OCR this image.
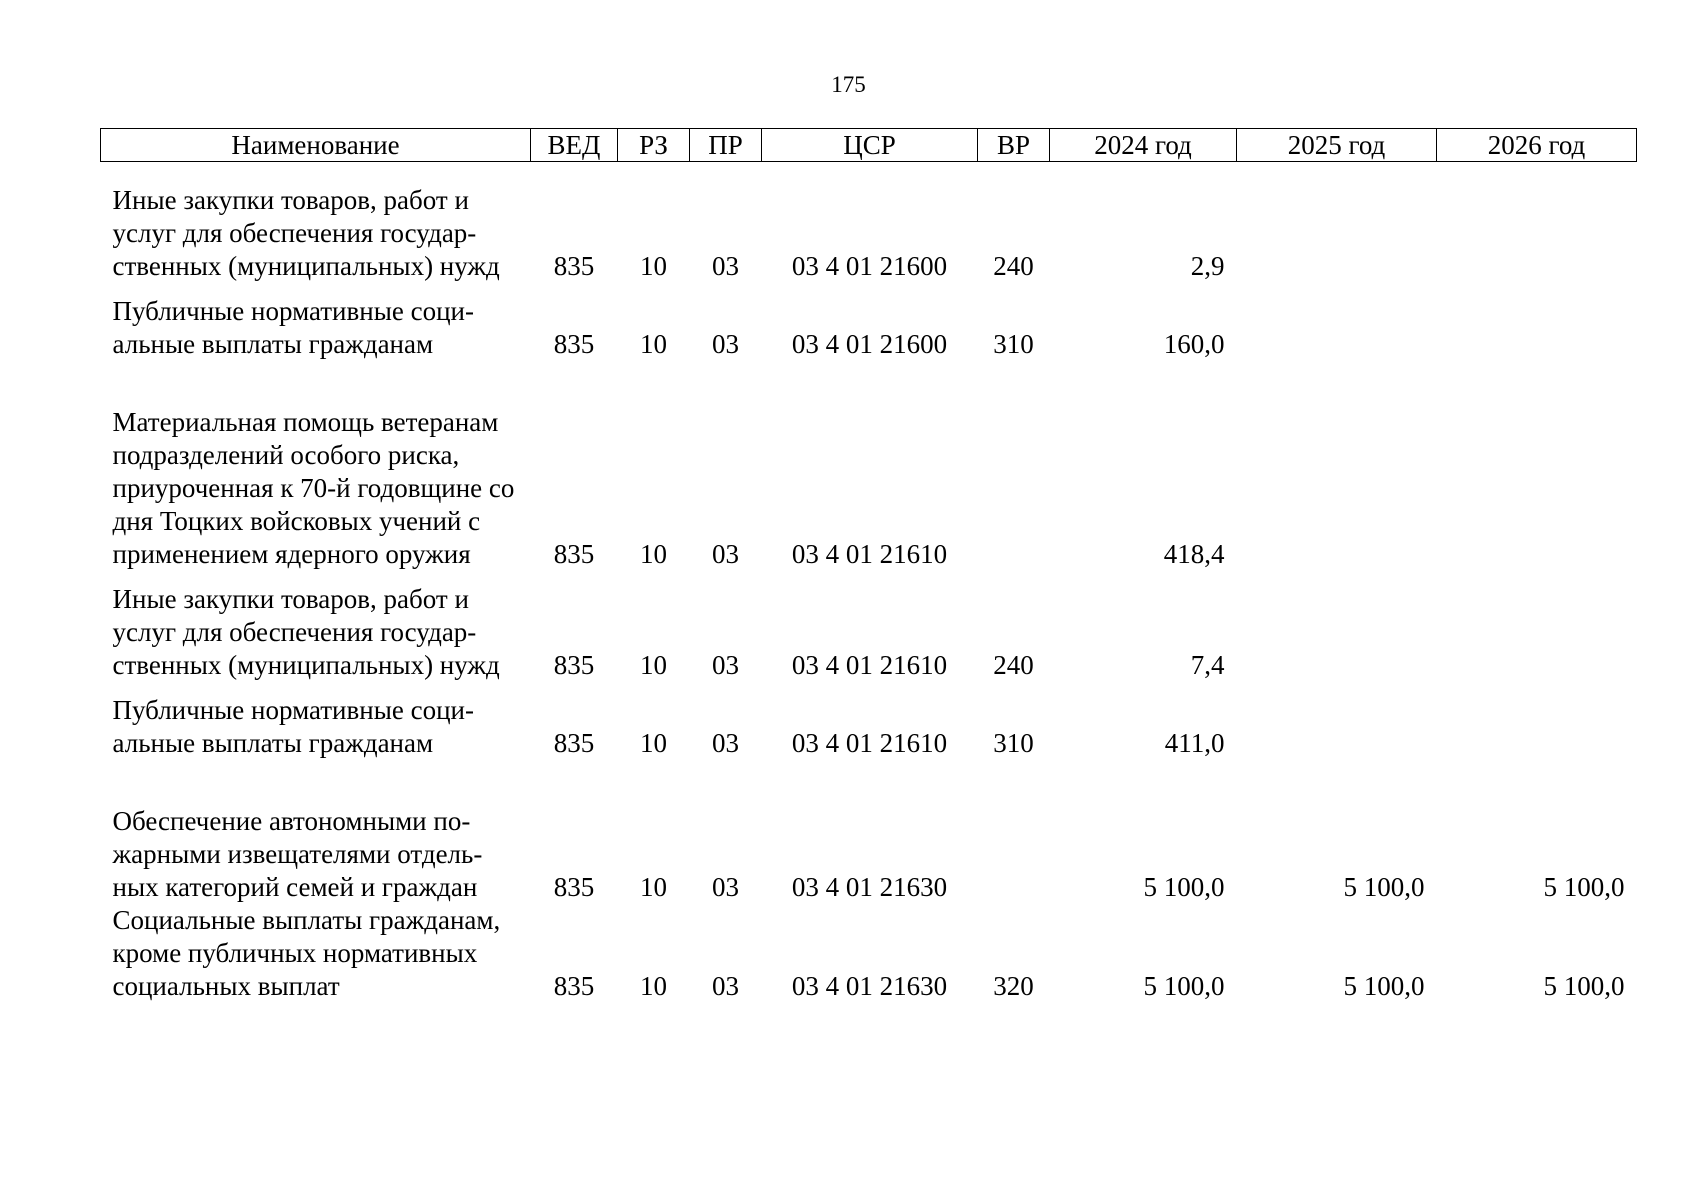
175
Наименование	ВЕД	РЗ	ПР	ЦСР	ВР	2024 год	2025 год	2026 год
Иные закупки товаров, работ и услуг для обеспечения государ-ственных (муниципальных) нужд	835	10	03	03 4 01 21600	240	2,9		
Публичные нормативные соци-альные выплаты гражданам	835	10	03	03 4 01 21600	310	160,0		
Материальная помощь ветеранам подразделений особого риска, приуроченная к 70-й годовщине со дня Тоцких войсковых учений с применением ядерного оружия	835	10	03	03 4 01 21610		418,4		
Иные закупки товаров, работ и услуг для обеспечения государ-ственных (муниципальных) нужд	835	10	03	03 4 01 21610	240	7,4		
Публичные нормативные соци-альные выплаты гражданам	835	10	03	03 4 01 21610	310	411,0		
Обеспечение автономными по-жарными извещателями отдель-ных категорий семей и граждан	835	10	03	03 4 01 21630		5 100,0	5 100,0	5 100,0
Социальные выплаты гражданам, кроме публичных нормативных социальных выплат	835	10	03	03 4 01 21630	320	5 100,0	5 100,0	5 100,0
